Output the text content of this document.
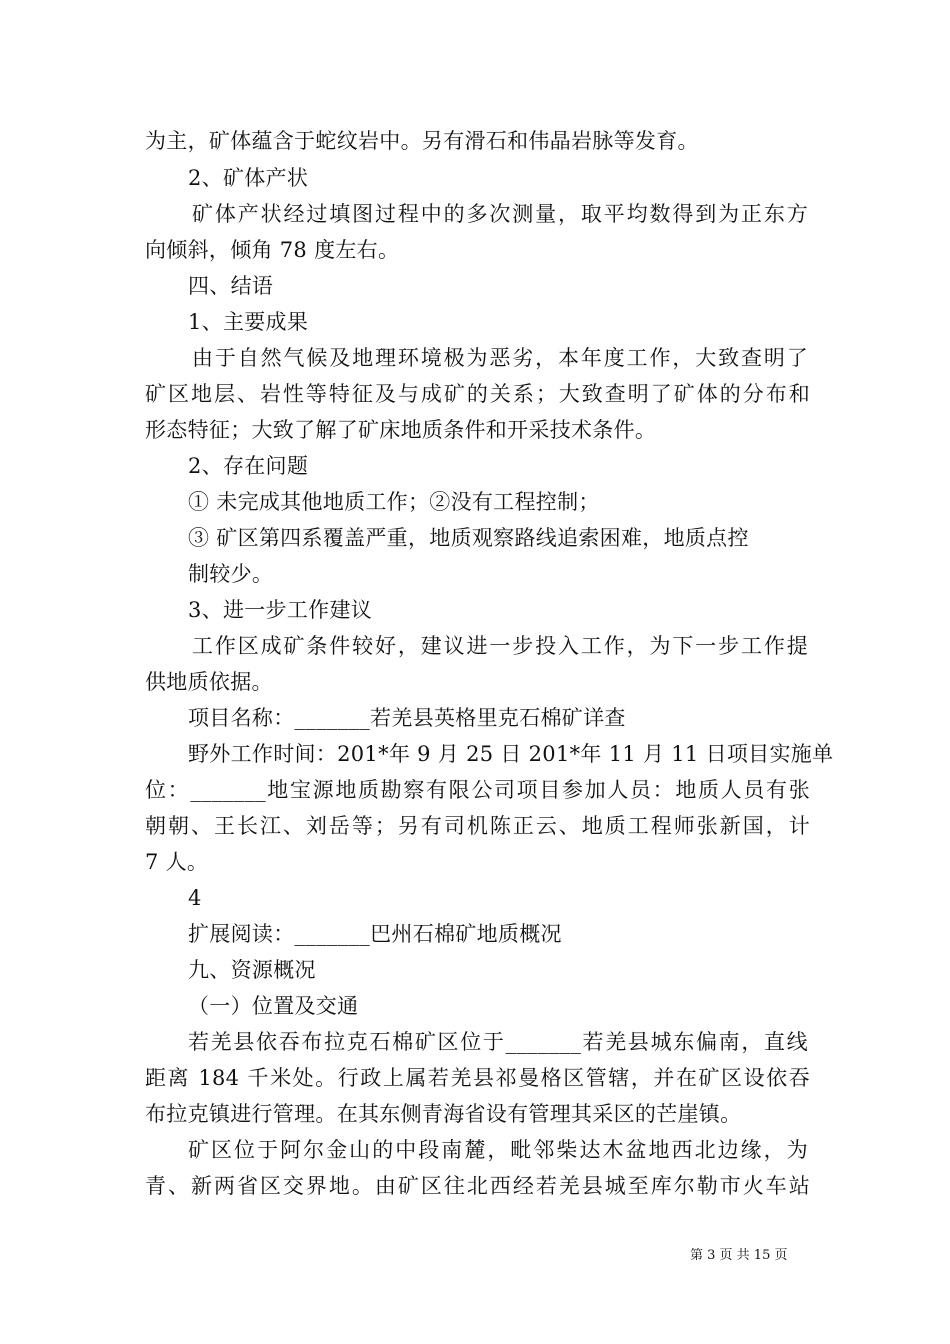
为主，矿体蕴含于蛇纹岩中。另有滑石和伟晶岩脉等发育。
2、矿体产状
矿体产状经过填图过程中的多次测量，取平均数得到为正东方
向倾斜，倾角 78 度左右。
四、结语
1、主要成果
由于自然气候及地理环境极为恶劣，本年度工作，大致查明了
矿区地层、岩性等特征及与成矿的关系；大致查明了矿体的分布和
形态特征；大致了解了矿床地质条件和开采技术条件。
2、存在问题
① 未完成其他地质工作；②没有工程控制；
③ 矿区第四系覆盖严重，地质观察路线追索困难，地质点控
制较少。
3、进一步工作建议
工作区成矿条件较好，建议进一步投入工作，为下一步工作提
供地质依据。
项目名称：_______若羌县英格里克石棉矿详查
野外工作时间：201*年 9 月 25 日 201*年 11 月 11 日项目实施单
位：_______地宝源地质勘察有限公司项目参加人员：地质人员有张
朝朝、王长江、刘岳等；另有司机陈正云、地质工程师张新国，计
7 人。
4
扩展阅读：_______巴州石棉矿地质概况
九、资源概况
（一）位置及交通
若羌县依吞布拉克石棉矿区位于_______若羌县城东偏南，直线
距离 184 千米处。行政上属若羌县祁曼格区管辖，并在矿区设依吞
布拉克镇进行管理。在其东侧青海省设有管理其采区的芒崖镇。
矿区位于阿尔金山的中段南麓，毗邻柴达木盆地西北边缘，为
青、新两省区交界地。由矿区往北西经若羌县城至库尔勒市火车站
第 3 页 共 15 页
